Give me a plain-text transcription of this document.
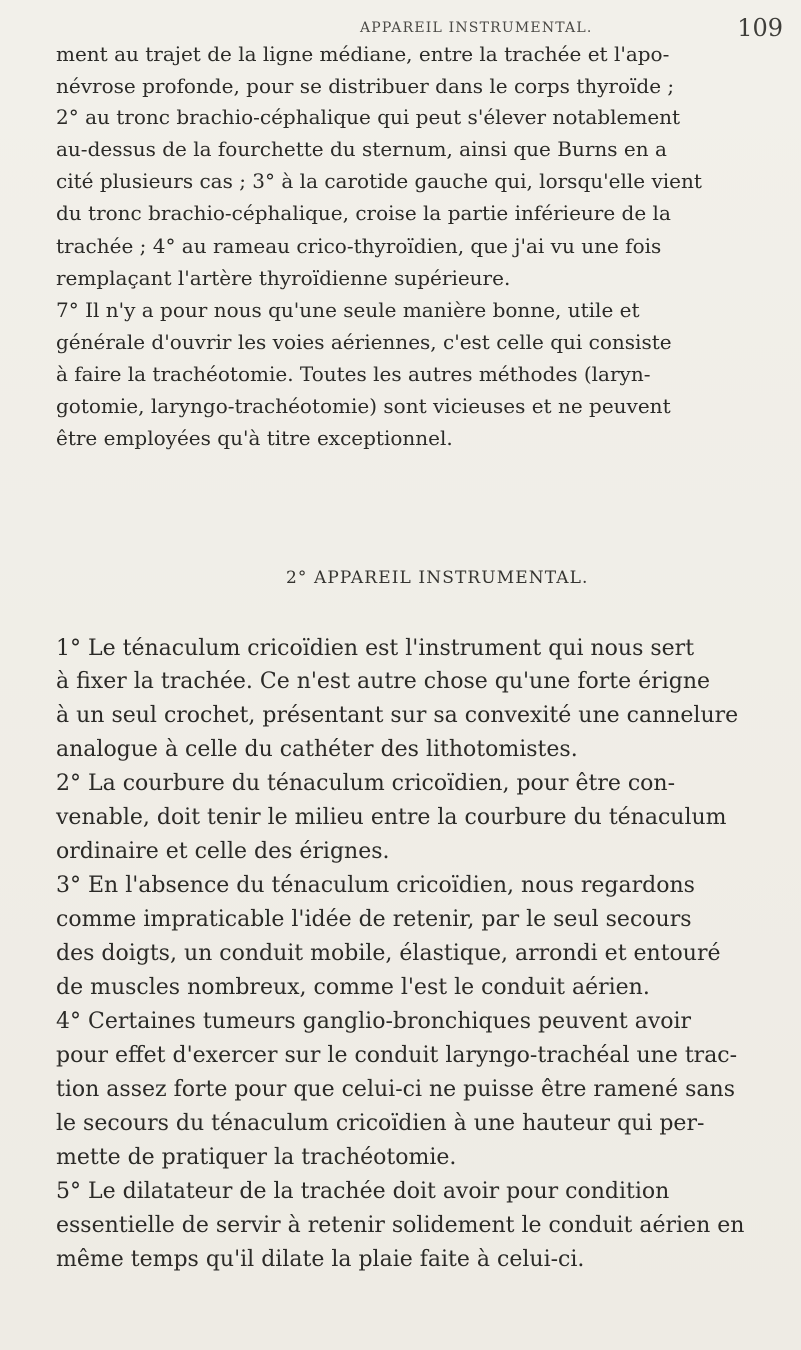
APPAREIL INSTRUMENTAL.	109
ment au trajet de la ligne médiane, entre la trachée et l'apo-
névrose profonde, pour se distribuer dans le corps thyroïde ;
2° au tronc brachio-céphalique qui peut s'élever notablement
au-dessus de la fourchette du sternum, ainsi que Burns en a
cité plusieurs cas ; 3° à la carotide gauche qui, lorsqu'elle vient
du tronc brachio-céphalique, croise la partie inférieure de la
trachée ; 4° au rameau crico-thyroïdien, que j'ai vu une fois
remplaçant l'artère thyroïdienne supérieure.
7° Il n'y a pour nous qu'une seule manière bonne, utile et
générale d'ouvrir les voies aériennes, c'est celle qui consiste
à faire la trachéotomie. Toutes les autres méthodes (laryn-
gotomie, laryngo-trachéotomie) sont vicieuses et ne peuvent
être employées qu'à titre exceptionnel.
1° Le ténaculum cricoïdien est l'instrument qui nous sert
à fixer la trachée. Ce n'est autre chose qu'une forte érigne
à un seul crochet, présentant sur sa convexité une cannelure
analogue à celle du cathéter des lithotomistes.
2° La courbure du ténaculum cricoïdien, pour être con-
venable, doit tenir le milieu entre la courbure du ténaculum
ordinaire et celle des érignes.
3° En l'absence du ténaculum cricoïdien, nous regardons
comme impraticable l'idée de retenir, par le seul secours
des doigts, un conduit mobile, élastique, arrondi et entouré
de muscles nombreux, comme l'est le conduit aérien.
4° Certaines tumeurs ganglio-bronchiques peuvent avoir
pour effet d'exercer sur le conduit laryngo-trachéal une trac-
tion assez forte pour que celui-ci ne puisse être ramené sans
le secours du ténaculum cricoïdien à une hauteur qui per-
mette de pratiquer la trachéotomie.
5° Le dilatateur de la trachée doit avoir pour condition
essentielle de servir à retenir solidement le conduit aérien en
même temps qu'il dilate la plaie faite à celui-ci.
2° APPAREIL INSTRUMENTAL.
